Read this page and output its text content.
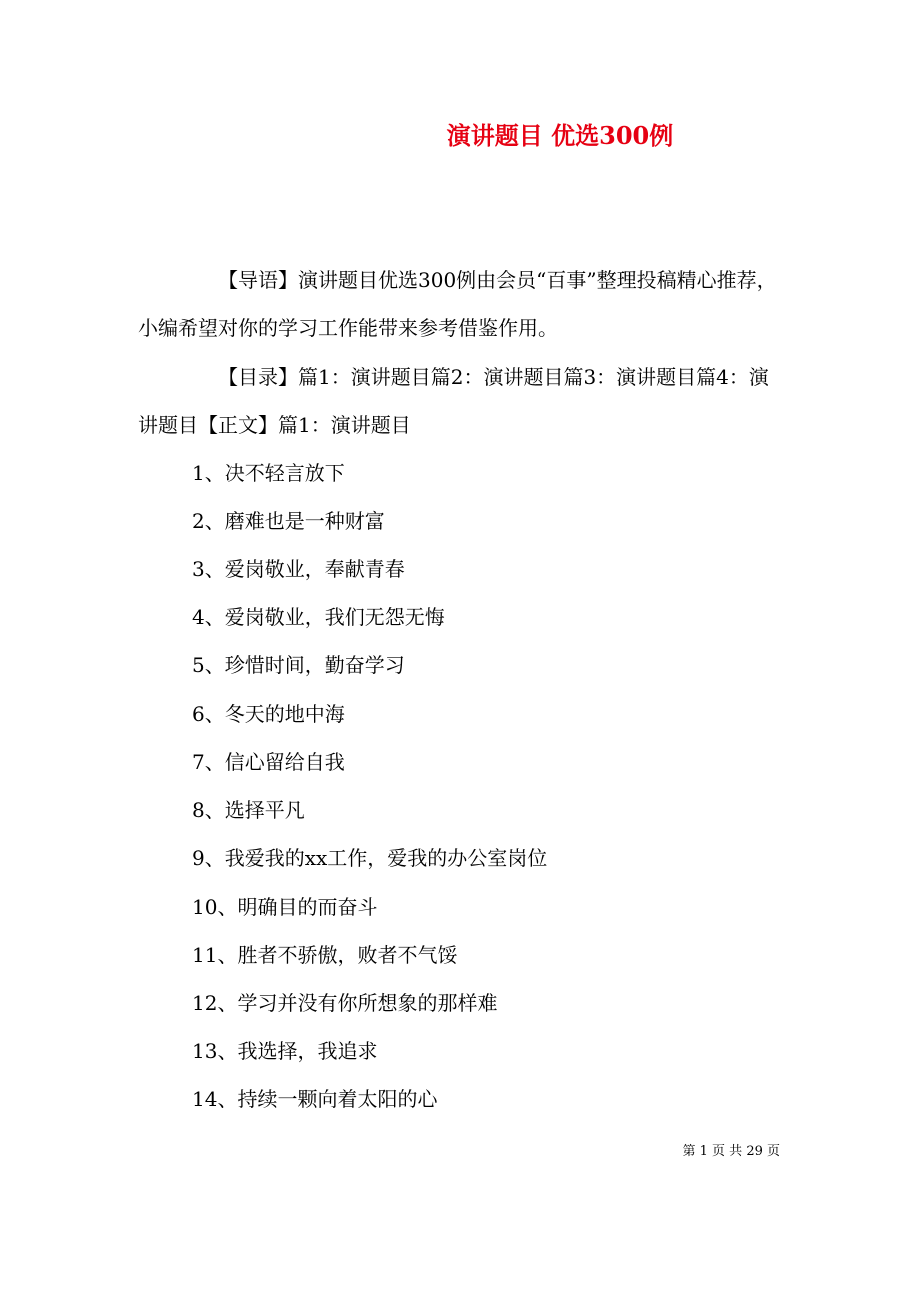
演讲题目 优选300例

【导语】演讲题目优选300例由会员“百事”整理投稿精心推荐，小编希望对你的学习工作能带来参考借鉴作用。

【目录】篇1：演讲题目篇2：演讲题目篇3：演讲题目篇4：演讲题目【正文】篇1：演讲题目

1、决不轻言放下

2、磨难也是一种财富

3、爱岗敬业，奉献青春

4、爱岗敬业，我们无怨无悔

5、珍惜时间，勤奋学习

6、冬天的地中海

7、信心留给自我

8、选择平凡

9、我爱我的xx工作，爱我的办公室岗位

10、明确目的而奋斗

11、胜者不骄傲，败者不气馁

12、学习并没有你所想象的那样难

13、我选择，我追求

14、持续一颗向着太阳的心

第 1 页 共 29 页
